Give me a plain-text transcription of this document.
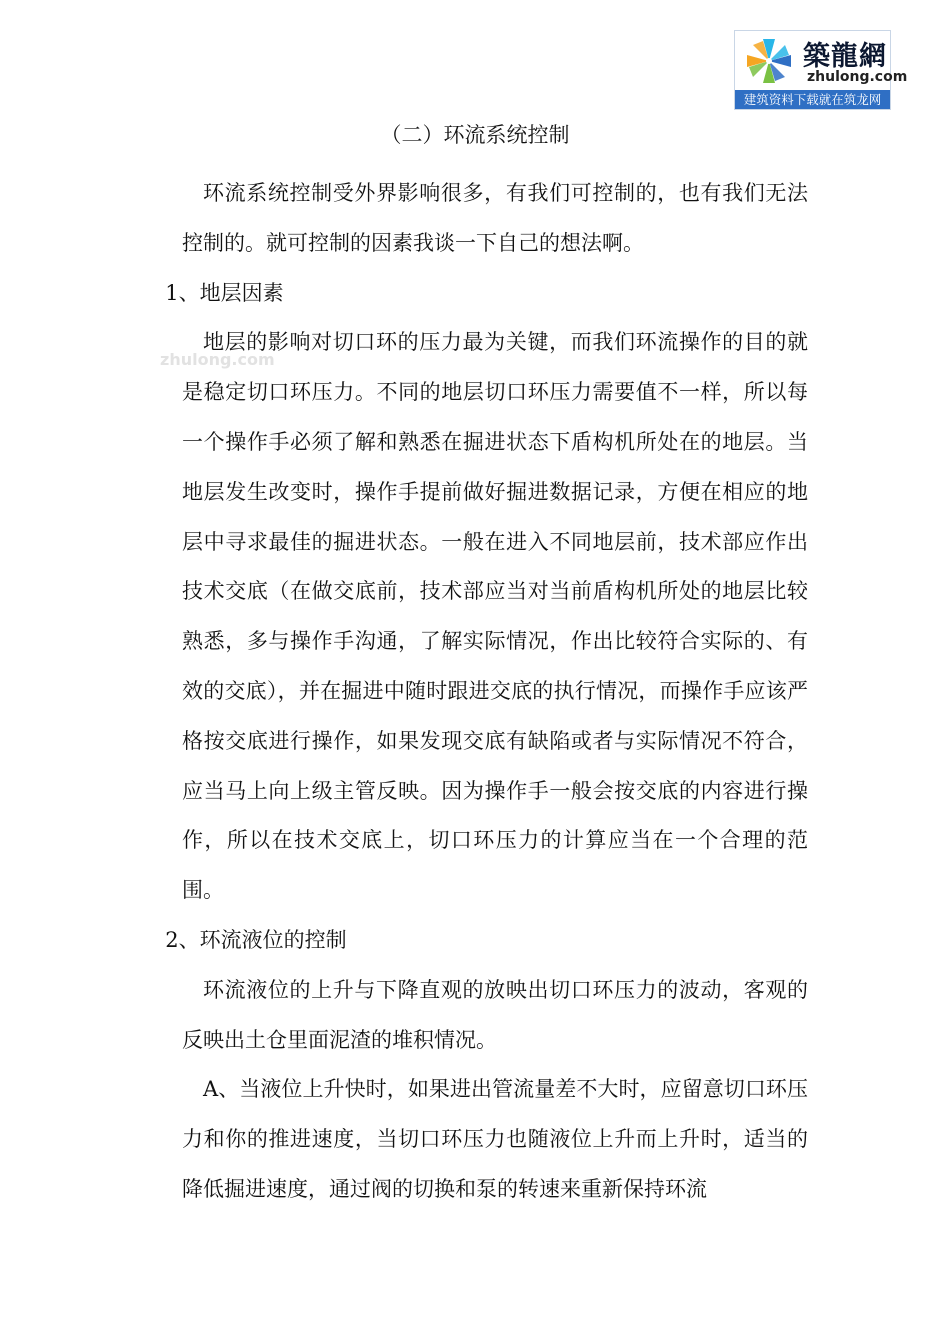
築龍網
zhulong.com
建筑资料下载就在筑龙网
zhulong.com
（二）环流系统控制

环流系统控制受外界影响很多，有我们可控制的，也有我们无法控制的。就可控制的因素我谈一下自己的想法啊。

1、地层因素

地层的影响对切口环的压力最为关键，而我们环流操作的目的就是稳定切口环压力。不同的地层切口环压力需要值不一样，所以每一个操作手必须了解和熟悉在掘进状态下盾构机所处在的地层。当地层发生改变时，操作手提前做好掘进数据记录，方便在相应的地层中寻求最佳的掘进状态。一般在进入不同地层前，技术部应作出技术交底（在做交底前，技术部应当对当前盾构机所处的地层比较熟悉，多与操作手沟通，了解实际情况，作出比较符合实际的、有效的交底），并在掘进中随时跟进交底的执行情况，而操作手应该严格按交底进行操作，如果发现交底有缺陷或者与实际情况不符合，应当马上向上级主管反映。因为操作手一般会按交底的内容进行操作，所以在技术交底上，切口环压力的计算应当在一个合理的范围。

2、环流液位的控制

环流液位的上升与下降直观的放映出切口环压力的波动，客观的反映出土仓里面泥渣的堆积情况。

A、当液位上升快时，如果进出管流量差不大时，应留意切口环压力和你的推进速度，当切口环压力也随液位上升而上升时，适当的降低掘进速度，通过阀的切换和泵的转速来重新保持环流
